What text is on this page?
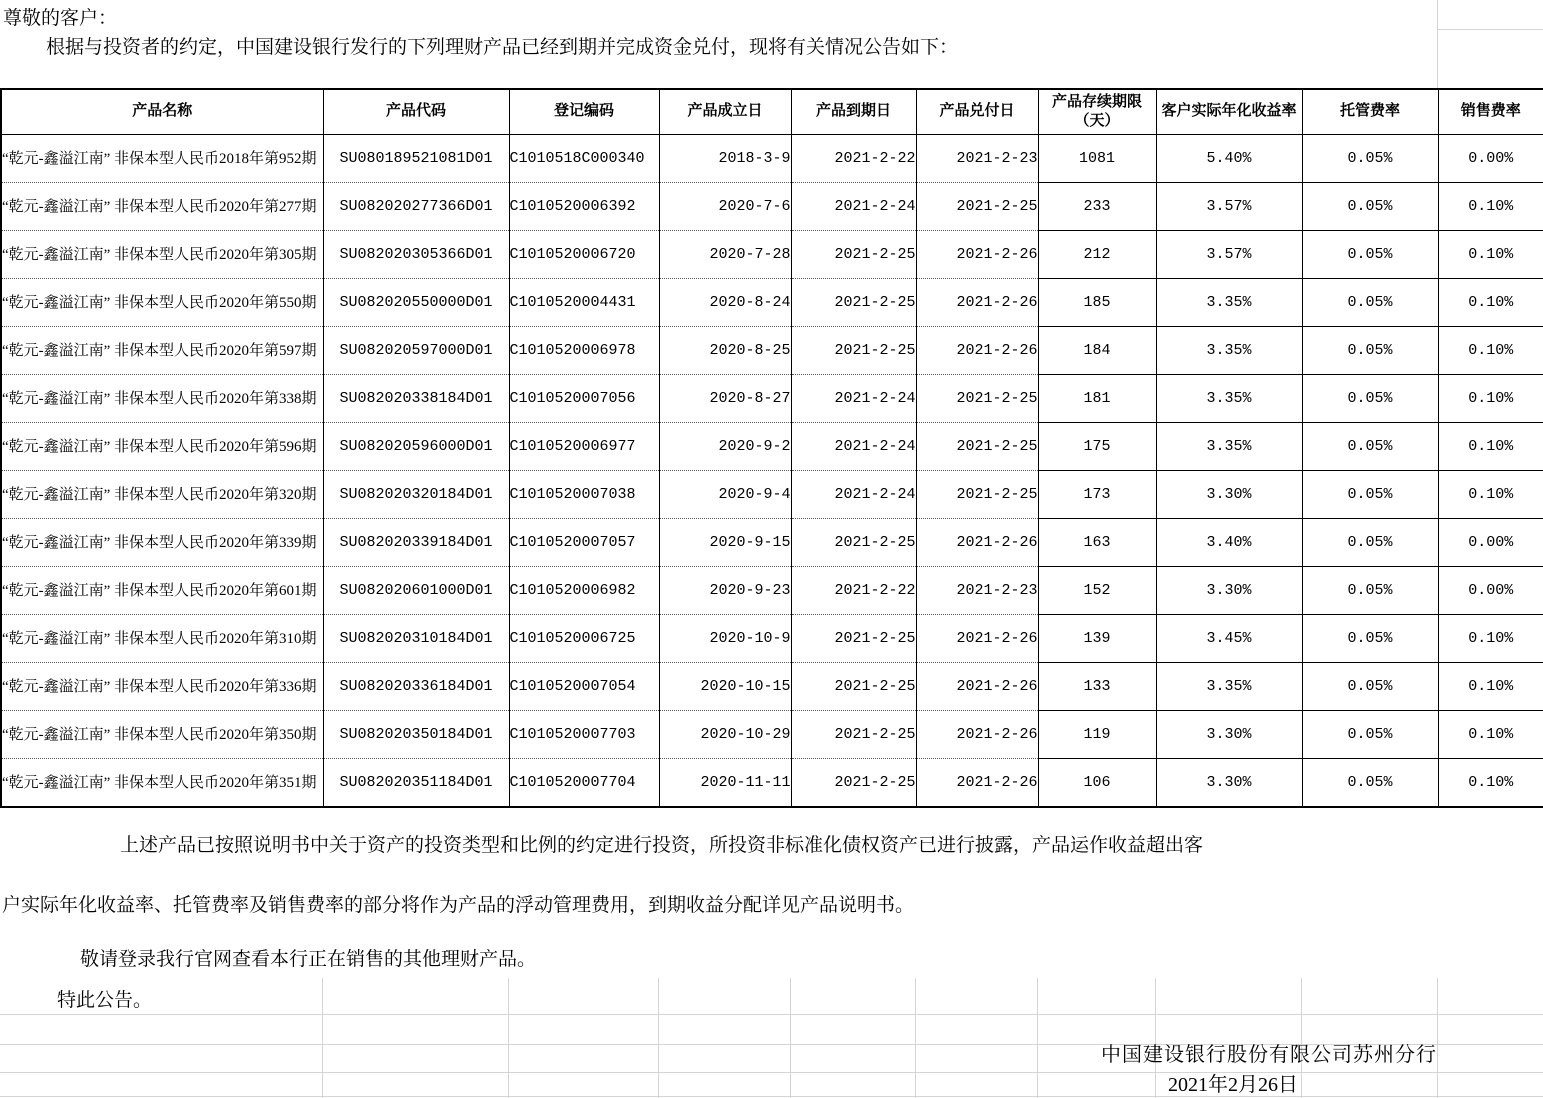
尊敬的客户：
根据与投资者的约定，中国建设银行发行的下列理财产品已经到期并完成资金兑付，现将有关情况公告如下：
产品名称	产品代码	登记编码	产品成立日	产品到期日	产品兑付日	产品存续期限（天）	客户实际年化收益率	托管费率	销售费率
“乾元-鑫溢江南” 非保本型人民币2018年第952期	SU080189521081D01	C1010518C000340	2018-3-9	2021-2-22	2021-2-23	1081	5.40%	0.05%	0.00%
“乾元-鑫溢江南” 非保本型人民币2020年第277期	SU082020277366D01	C1010520006392	2020-7-6	2021-2-24	2021-2-25	233	3.57%	0.05%	0.10%
“乾元-鑫溢江南” 非保本型人民币2020年第305期	SU082020305366D01	C1010520006720	2020-7-28	2021-2-25	2021-2-26	212	3.57%	0.05%	0.10%
“乾元-鑫溢江南” 非保本型人民币2020年第550期	SU082020550000D01	C1010520004431	2020-8-24	2021-2-25	2021-2-26	185	3.35%	0.05%	0.10%
“乾元-鑫溢江南” 非保本型人民币2020年第597期	SU082020597000D01	C1010520006978	2020-8-25	2021-2-25	2021-2-26	184	3.35%	0.05%	0.10%
“乾元-鑫溢江南” 非保本型人民币2020年第338期	SU082020338184D01	C1010520007056	2020-8-27	2021-2-24	2021-2-25	181	3.35%	0.05%	0.10%
“乾元-鑫溢江南” 非保本型人民币2020年第596期	SU082020596000D01	C1010520006977	2020-9-2	2021-2-24	2021-2-25	175	3.35%	0.05%	0.10%
“乾元-鑫溢江南” 非保本型人民币2020年第320期	SU082020320184D01	C1010520007038	2020-9-4	2021-2-24	2021-2-25	173	3.30%	0.05%	0.10%
“乾元-鑫溢江南” 非保本型人民币2020年第339期	SU082020339184D01	C1010520007057	2020-9-15	2021-2-25	2021-2-26	163	3.40%	0.05%	0.00%
“乾元-鑫溢江南” 非保本型人民币2020年第601期	SU082020601000D01	C1010520006982	2020-9-23	2021-2-22	2021-2-23	152	3.30%	0.05%	0.00%
“乾元-鑫溢江南” 非保本型人民币2020年第310期	SU082020310184D01	C1010520006725	2020-10-9	2021-2-25	2021-2-26	139	3.45%	0.05%	0.10%
“乾元-鑫溢江南” 非保本型人民币2020年第336期	SU082020336184D01	C1010520007054	2020-10-15	2021-2-25	2021-2-26	133	3.35%	0.05%	0.10%
“乾元-鑫溢江南” 非保本型人民币2020年第350期	SU082020350184D01	C1010520007703	2020-10-29	2021-2-25	2021-2-26	119	3.30%	0.05%	0.10%
“乾元-鑫溢江南” 非保本型人民币2020年第351期	SU082020351184D01	C1010520007704	2020-11-11	2021-2-25	2021-2-26	106	3.30%	0.05%	0.10%
上述产品已按照说明书中关于资产的投资类型和比例的约定进行投资，所投资非标准化债权资产已进行披露，产品运作收益超出客
户实际年化收益率、托管费率及销售费率的部分将作为产品的浮动管理费用，到期收益分配详见产品说明书。
敬请登录我行官网查看本行正在销售的其他理财产品。
特此公告。
中国建设银行股份有限公司苏州分行
2021年2月26日
